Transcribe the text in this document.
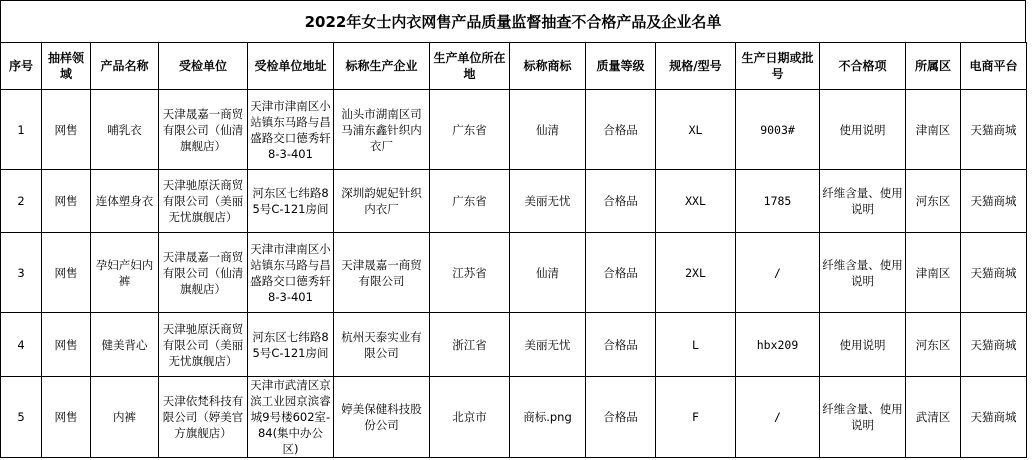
2022年女士内衣网售产品质量监督抽查不合格产品及企业名单
序号	抽样领域	产品名称	受检单位	受检单位地址	标称生产企业	生产单位所在地	标称商标	质量等级	规格/型号	生产日期或批号	不合格项	所属区	电商平台
1	网售	哺乳衣	天津晟嘉一商贸有限公司（仙清旗舰店）	天津市津南区小站镇东马路与昌盛路交口德秀轩8-3-401	汕头市湖南区司马浦东鑫针织内衣厂	广东省	仙清	合格品	XL	9003#	使用说明	津南区	天猫商城
2	网售	连体塑身衣	天津驰原沃商贸有限公司（美丽无忧旗舰店）	河东区七纬路85号C-121房间	深圳韵妮妃针织内衣厂	广东省	美丽无忧	合格品	XXL	1785	纤维含量、使用说明	河东区	天猫商城
3	网售	孕妇产妇内裤	天津晟嘉一商贸有限公司（仙清旗舰店）	天津市津南区小站镇东马路与昌盛路交口德秀轩8-3-401	天津晟嘉一商贸有限公司	江苏省	仙清	合格品	2XL	/	纤维含量、使用说明	津南区	天猫商城
4	网售	健美背心	天津驰原沃商贸有限公司（美丽无忧旗舰店）	河东区七纬路85号C-121房间	杭州天泰实业有限公司	浙江省	美丽无忧	合格品	L	hbx209	使用说明	河东区	天猫商城
5	网售	内裤	天津依梵科技有限公司（婷美官方旗舰店）	天津市武清区京滨工业园京滨睿城9号楼602室-84(集中办公区)	婷美保健科技股份公司	北京市	商标.png	合格品	F	/	纤维含量、使用说明	武清区	天猫商城
